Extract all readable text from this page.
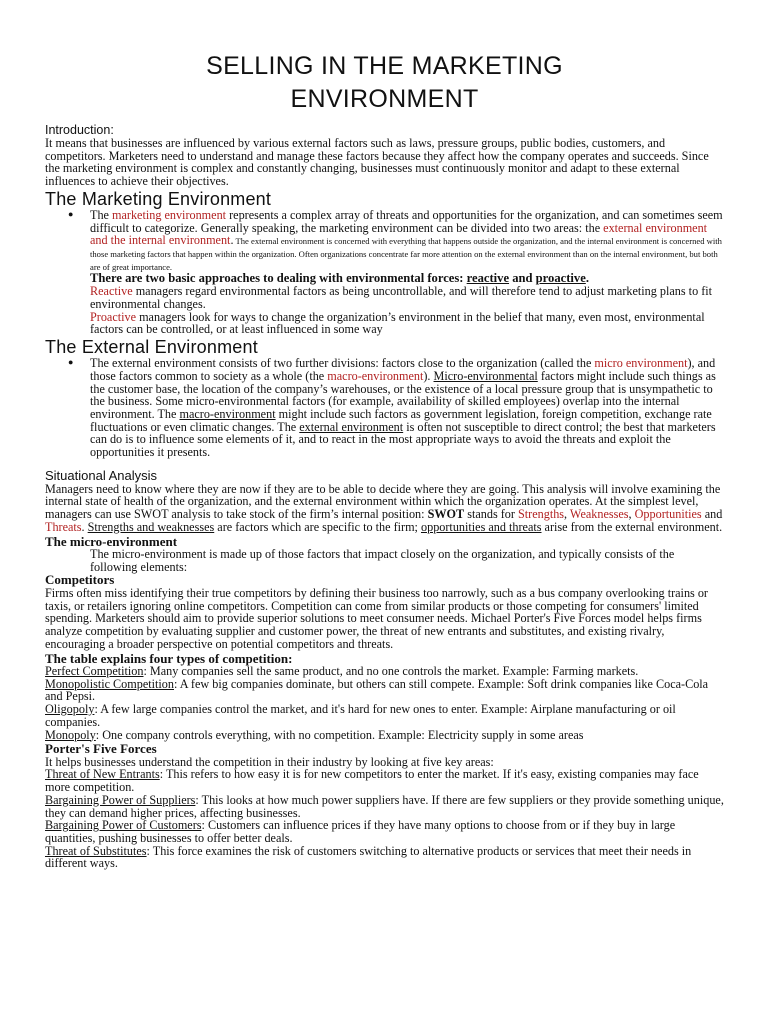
SELLING IN THE MARKETING
ENVIRONMENT
Introduction:

It means that businesses are influenced by various external factors such as laws, pressure groups, public bodies, customers, and competitors. Marketers need to understand and manage these factors because they affect how the company operates and succeeds. Since the marketing environment is complex and constantly changing, businesses must continuously monitor and adapt to these external influences to achieve their objectives.

The Marketing Environment

● The marketing environment represents a complex array of threats and opportunities for the organization, and can sometimes seem difficult to categorize. Generally speaking, the marketing environment can be divided into two areas: the external environment and the internal environment. The external environment is concerned with everything that happens outside the organization, and the internal environment is concerned with those marketing factors that happen within the organization. Often organizations concentrate far more attention on the external environment than on the internal environment, but both are of great importance.

There are two basic approaches to dealing with environmental forces: reactive and proactive.

Reactive managers regard environmental factors as being uncontrollable, and will therefore tend to adjust marketing plans to fit environmental changes.

Proactive managers look for ways to change the organization’s environment in the belief that many, even most, environmental factors can be controlled, or at least influenced in some way

The External Environment

● The external environment consists of two further divisions: factors close to the organization (called the micro environment), and those factors common to society as a whole (the macro-environment). Micro-environmental factors might include such things as the customer base, the location of the company’s warehouses, or the existence of a local pressure group that is unsympathetic to the business. Some micro-environmental factors (for example, availability of skilled employees) overlap into the internal environment. The macro-environment might include such factors as government legislation, foreign competition, exchange rate fluctuations or even climatic changes. The external environment is often not susceptible to direct control; the best that marketers can do is to influence some elements of it, and to react in the most appropriate ways to avoid the threats and exploit the opportunities it presents.

Situational Analysis

Managers need to know where they are now if they are to be able to decide where they are going. This analysis will involve examining the internal state of health of the organization, and the external environment within which the organization operates. At the simplest level, managers can use SWOT analysis to take stock of the firm’s internal position: SWOT stands for Strengths, Weaknesses, Opportunities and Threats. Strengths and weaknesses are factors which are specific to the firm; opportunities and threats arise from the external environment.

The micro-environment

The micro-environment is made up of those factors that impact closely on the organization, and typically consists of the following elements:

Competitors

Firms often miss identifying their true competitors by defining their business too narrowly, such as a bus company overlooking trains or taxis, or retailers ignoring online competitors. Competition can come from similar products or those competing for consumers' limited spending. Marketers should aim to provide superior solutions to meet consumer needs. Michael Porter's Five Forces model helps firms analyze competition by evaluating supplier and customer power, the threat of new entrants and substitutes, and existing rivalry, encouraging a broader perspective on potential competitors and threats.

The table explains four types of competition:

Perfect Competition: Many companies sell the same product, and no one controls the market. Example: Farming markets.

Monopolistic Competition: A few big companies dominate, but others can still compete. Example: Soft drink companies like Coca-Cola and Pepsi.

Oligopoly: A few large companies control the market, and it's hard for new ones to enter. Example: Airplane manufacturing or oil companies.

Monopoly: One company controls everything, with no competition. Example: Electricity supply in some areas

Porter's Five Forces

It helps businesses understand the competition in their industry by looking at five key areas:

Threat of New Entrants: This refers to how easy it is for new competitors to enter the market. If it's easy, existing companies may face more competition.

Bargaining Power of Suppliers: This looks at how much power suppliers have. If there are few suppliers or they provide something unique, they can demand higher prices, affecting businesses.

Bargaining Power of Customers: Customers can influence prices if they have many options to choose from or if they buy in large quantities, pushing businesses to offer better deals.

Threat of Substitutes: This force examines the risk of customers switching to alternative products or services that meet their needs in different ways.
